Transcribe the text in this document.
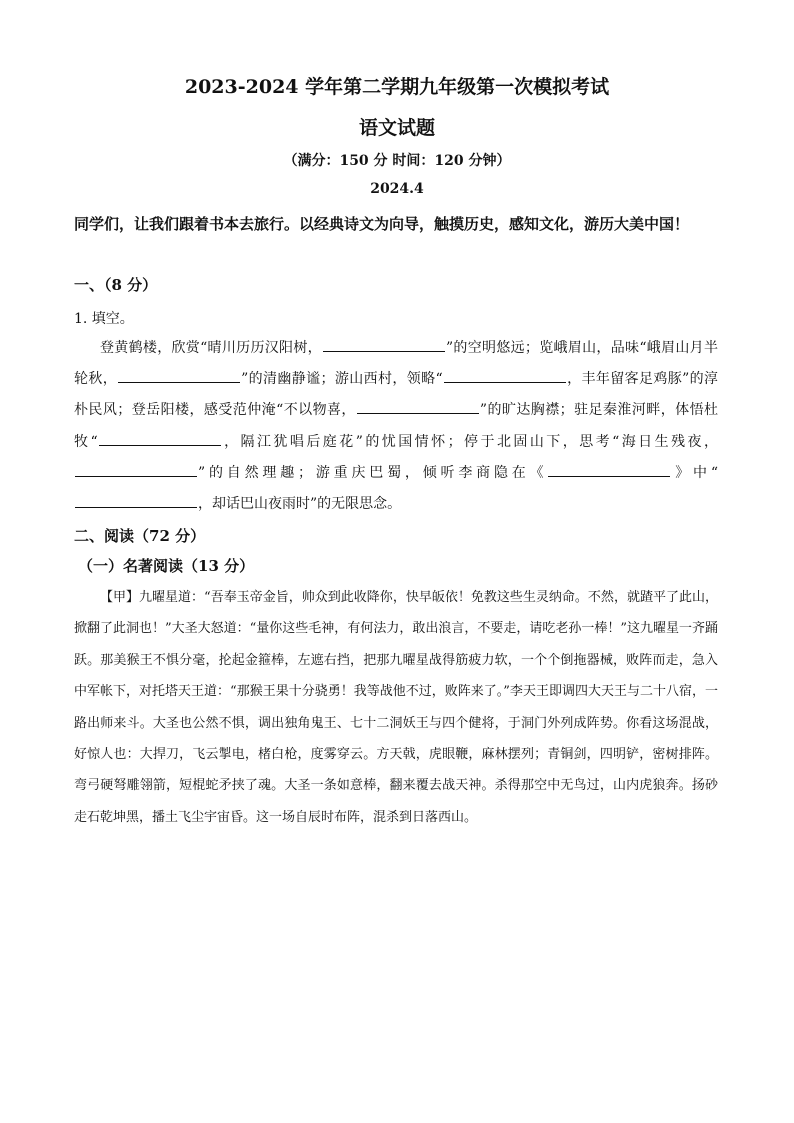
2023-2024 学年第二学期九年级第一次模拟考试
语文试题
（满分：150 分 时间：120 分钟）
2024.4
同学们，让我们跟着书本去旅行。以经典诗文为向导，触摸历史，感知文化，游历大美中国！
一、（8 分）
1. 填空。

登黄鹤楼，欣赏“晴川历历汉阳树，	”的空明悠远；览峨眉山，品味“峨眉山月半轮秋，	”的清幽静谧；游山西村，领略“	，丰年留客足鸡豚”的淳朴民风；登岳阳楼，感受范仲淹“不以物喜，	”的旷达胸襟；驻足秦淮河畔，体悟杜牧“	，隔江犹唱后庭花”的忧国情怀；停于北固山下，思考“海日生残夜，”的自然理趣；游重庆巴蜀，倾听李商隐在《	》中“，却话巴山夜雨时”的无限思念。

二、阅读（72 分）
（一）名著阅读（13 分）

【甲】九曜星道：“吾奉玉帝金旨，帅众到此收降你，快早皈依！免教这些生灵纳命。不然，就蹅平了此山，掀翻了此洞也！”大圣大怒道：“量你这些毛神，有何法力，敢出浪言，不要走，请吃老孙一棒！”这九曜星一齐踊跃。那美猴王不惧分毫，抡起金箍棒，左遮右挡，把那九曜星战得筋疲力软，一个个倒拖器械，败阵而走，急入中军帐下，对托塔天王道：“那猴王果十分骁勇！我等战他不过，败阵来了。”李天王即调四大天王与二十八宿，一路出师来斗。大圣也公然不惧，调出独角鬼王、七十二洞妖王与四个健将，于洞门外列成阵势。你看这场混战，好惊人也：大捍刀，飞云掣电，楮白枪，度雾穿云。方天戟，虎眼鞭，麻林摆列；青铜剑，四明铲，密树排阵。弯弓硬弩雕翎箭，短棍蛇矛挟了魂。大圣一条如意棒，翻来覆去战天神。杀得那空中无鸟过，山内虎狼奔。扬砂走石乾坤黑，播土飞尘宇宙昏。这一场自辰时布阵，混杀到日落西山。
